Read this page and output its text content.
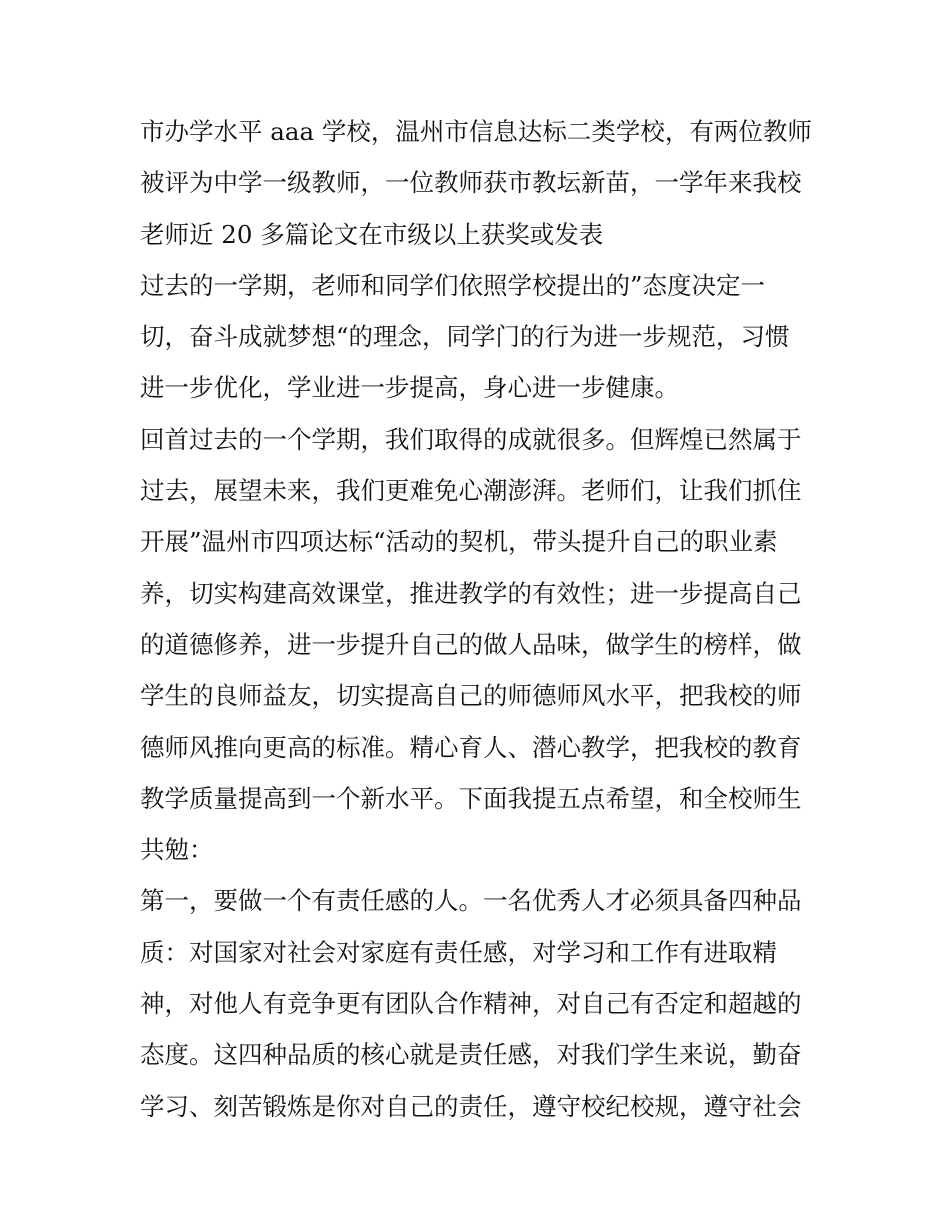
市办学水平 aaa 学校，温州市信息达标二类学校，有两位教师
被评为中学一级教师，一位教师获市教坛新苗，一学年来我校
老师近 20 多篇论文在市级以上获奖或发表
过去的一学期，老师和同学们依照学校提出的”态度决定一
切，奋斗成就梦想“的理念，同学门的行为进一步规范，习惯
进一步优化，学业进一步提高，身心进一步健康。
回首过去的一个学期，我们取得的成就很多。但辉煌已然属于
过去，展望未来，我们更难免心潮澎湃。老师们，让我们抓住
开展”温州市四项达标“活动的契机，带头提升自己的职业素
养，切实构建高效课堂，推进教学的有效性；进一步提高自己
的道德修养，进一步提升自己的做人品味，做学生的榜样，做
学生的良师益友，切实提高自己的师德师风水平，把我校的师
德师风推向更高的标准。精心育人、潜心教学，把我校的教育
教学质量提高到一个新水平。下面我提五点希望，和全校师生
共勉：
第一，要做一个有责任感的人。一名优秀人才必须具备四种品
质：对国家对社会对家庭有责任感，对学习和工作有进取精
神，对他人有竞争更有团队合作精神，对自己有否定和超越的
态度。这四种品质的核心就是责任感，对我们学生来说，勤奋
学习、刻苦锻炼是你对自己的责任，遵守校纪校规，遵守社会
